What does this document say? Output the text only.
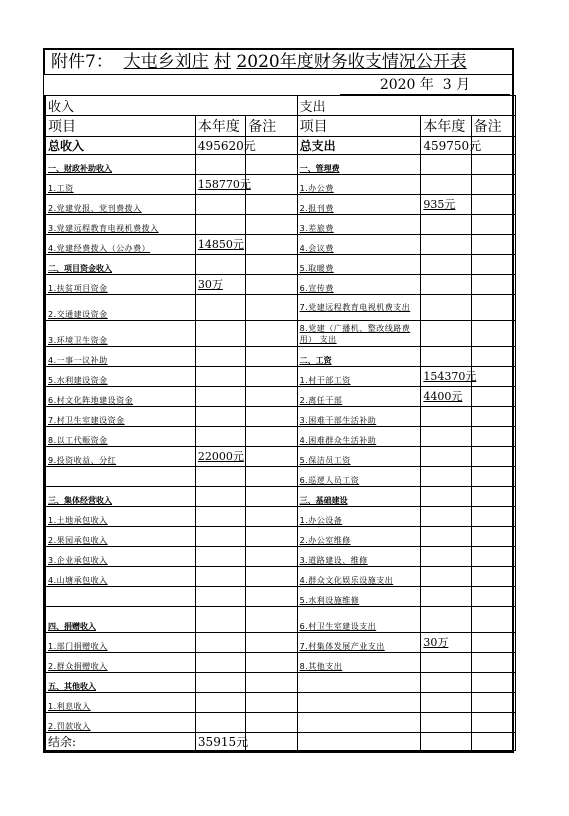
附件7： 大屯乡刘庄 村 2020年度财务收支情况公开表
2020 年  3 月
收入			支出		
项目	本年度	备注	项目	本年度	备注
总收入	495620元		总支出	459750元	
一、财政补助收入			一、管理费		
1.工资	158770元		1.办公费		
2.党建党报、党刊费拨入			2.报刊费	935元	
3.党建远程教育电视机费拨入			3.差旅费		
4.党建经费拨入（公办费）	14850元		4.会议费		
二、项目资金收入			5.取暖费		
1.扶贫项目资金	30万		6.宣传费		
2.交通建设资金			7.党建远程教育电视机费支出		
3.环境卫生资金			8.党建（广播机、整改线路费用） 支出		
4.一事一议补助			二、工资		
5.水利建设资金			1.村干部工资	154370元	
6.村文化阵地建设资金			2.离任干部	4400元	
7.村卫生室建设资金			3.困难干部生活补助		
8.以工代赈资金			4.困难群众生活补助		
9.投资收益、分红	22000元		5.保洁员工资		
			6.巡逻人员工资		
三、集体经营收入			三、基础建设		
1.土地承包收入			1.办公设备		
2.果园承包收入			2.办公室维修		
3.企业承包收入			3.道路建设、维修		
4.山塘承包收入			4.群众文化娱乐设施支出		
			5.水利设施维修		
四、捐赠收入			6.村卫生室建设支出		
1.部门捐赠收入			7.村集体发展产业支出	30万	
2.群众捐赠收入			8.其他支出		
五、其他收入					
1.利息收入					
2.罚款收入					
结余:	35915元				
